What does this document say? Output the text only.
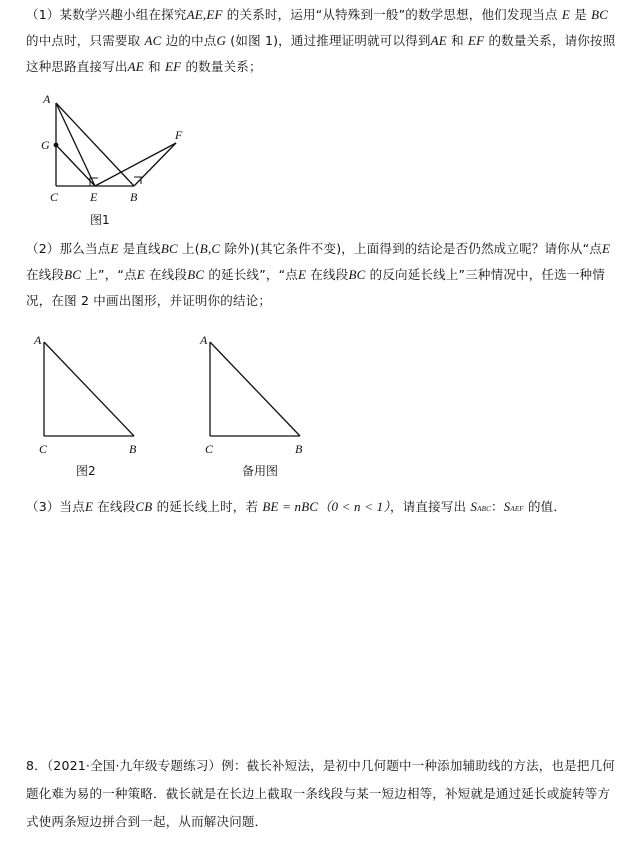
（1）某数学兴趣小组在探究AE,EF 的关系时，运用“从特殊到一般”的数学思想，他们发现当点 E 是 BC
的中点时，只需要取 AC 边的中点G (如图 1)，通过推理证明就可以得到AE 和 EF 的数量关系，请你按照
这种思路直接写出AE 和 EF 的数量关系；
A
G
C	E	B
F
图1
（2）那么当点E 是直线BC 上(B,C 除外)(其它条件不变)，上面得到的结论是否仍然成立呢？请你从“点E
在线段BC 上”，“点E 在线段BC 的延长线”，“点E 在线段BC 的反向延长线上”三种情况中，任选一种情
况，在图 2 中画出图形，并证明你的结论；
A
C	B
图2
A
C	B
备用图
（3）当点E 在线段CB 的延长线上时，若 BE = nBC（0 < n < 1），请直接写出 SABC：SAEF 的值．
8．（2021·全国·九年级专题练习）例：截长补短法，是初中几何题中一种添加辅助线的方法，也是把几何
题化难为易的一种策略．截长就是在长边上截取一条线段与某一短边相等，补短就是通过延长或旋转等方
式使两条短边拼合到一起，从而解决问题．
